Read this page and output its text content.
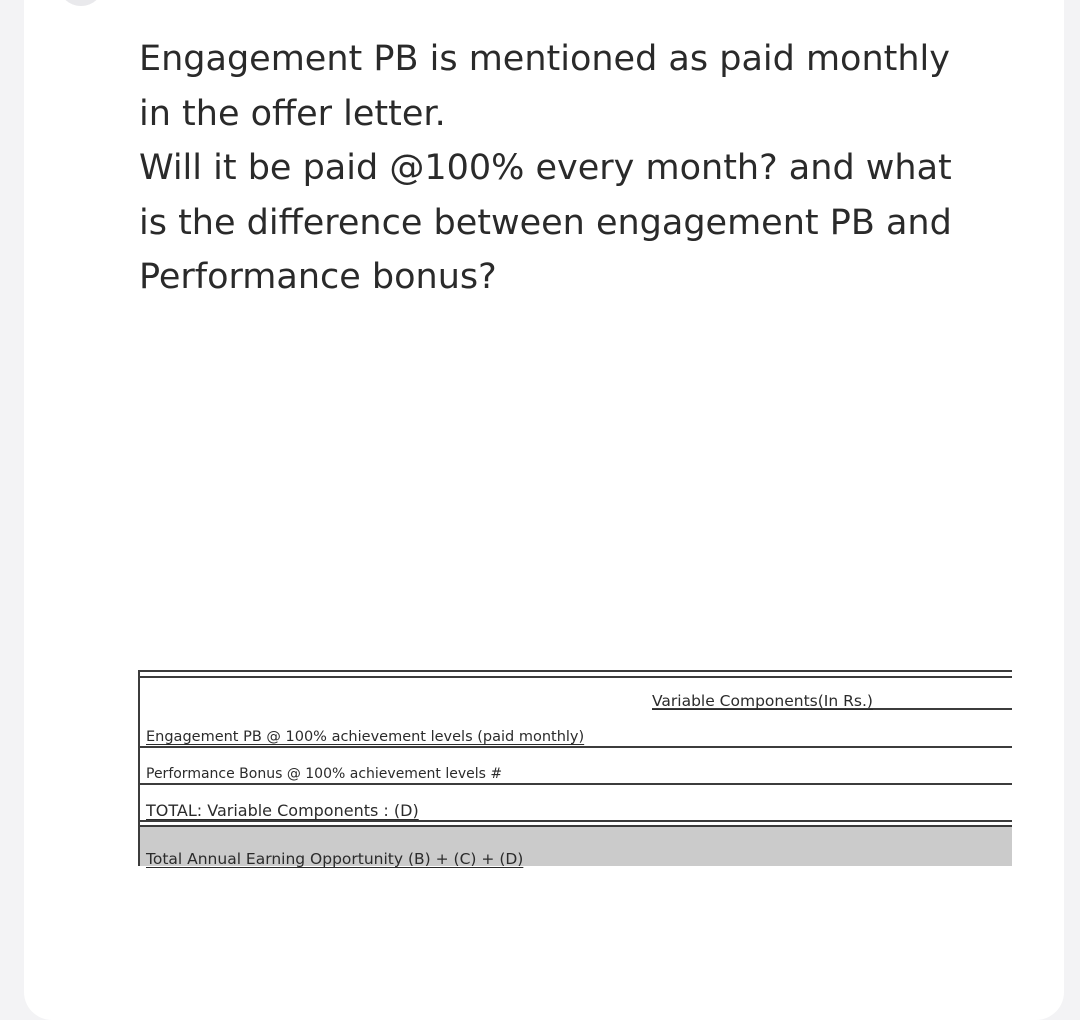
Engagement PB is mentioned as paid monthly

in the offer letter.

Will it be paid @100% every month? and what

is the difference between engagement PB and

Performance bonus?

Variable Components(In Rs.)
Engagement PB @ 100% achievement levels (paid monthly)
Performance Bonus @ 100% achievement levels #
TOTAL: Variable Components : (D)
Total Annual Earning Opportunity (B) + (C) + (D)
